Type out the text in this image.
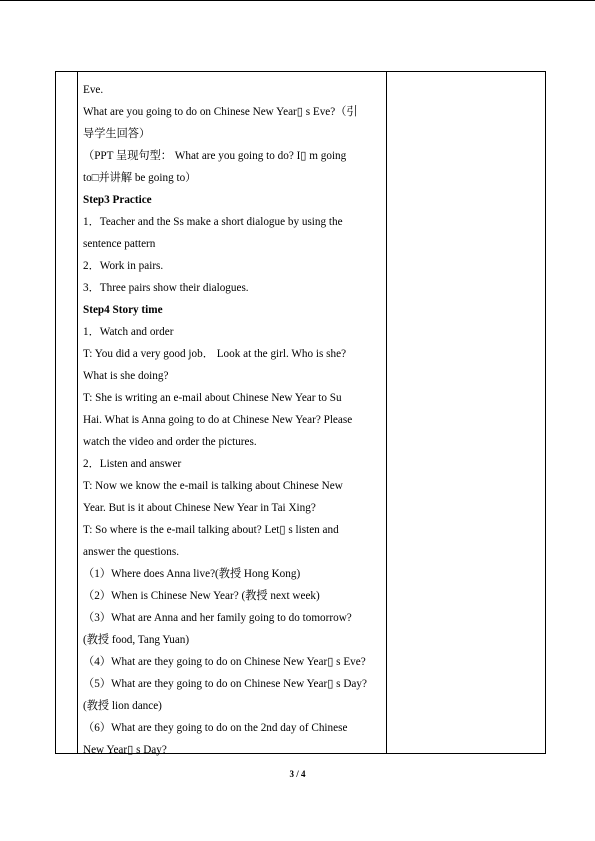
Eve.
What are you going to do on Chinese New Year▯ s Eve?（引
导学生回答）
（PPT 呈现句型： What are you going to do? I▯ m going
to□并讲解 be going to）
Step3 Practice
1．Teacher and the Ss make a short dialogue by using the
sentence pattern
2．Work in pairs.
3．Three pairs show their dialogues.
Step4 Story time
1．Watch and order
T: You did a very good job． Look at the girl. Who is she?
What is she doing?
T: She is writing an e-mail about Chinese New Year to Su
Hai. What is Anna going to do at Chinese New Year? Please
watch the video and order the pictures.
2．Listen and answer
T: Now we know the e-mail is talking about Chinese New
Year. But is it about Chinese New Year in Tai Xing?
T: So where is the e-mail talking about? Let▯ s listen and
answer the questions.
（1）Where does Anna live?(教授 Hong Kong)
（2）When is Chinese New Year? (教授 next week)
（3）What are Anna and her family going to do tomorrow?
(教授 food, Tang Yuan)
（4）What are they going to do on Chinese New Year▯ s Eve?
（5）What are they going to do on Chinese New Year▯ s Day?
(教授 lion dance)
（6）What are they going to do on the 2nd day of Chinese
New Year▯ s Day?
3 / 4
